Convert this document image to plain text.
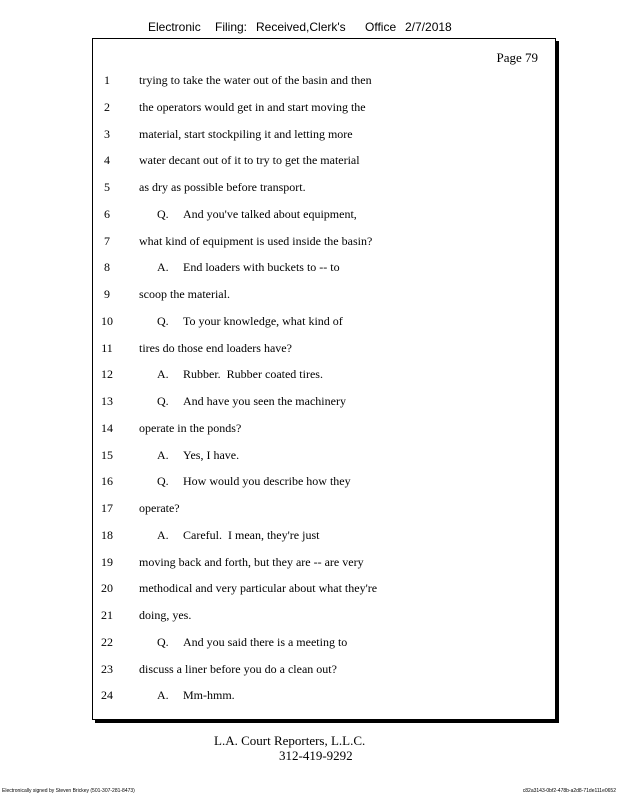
Electronic Filing: Received,Clerk's Office 2/7/2018
Page 79
1	trying to take the water out of the basin and then
2	the operators would get in and start moving the
3	material, start stockpiling it and letting more
4	water decant out of it to try to get the material
5	as dry as possible before transport.
6	Q. And you've talked about equipment,
7	what kind of equipment is used inside the basin?
8	A. End loaders with buckets to -- to
9	scoop the material.
10	Q. To your knowledge, what kind of
11	tires do those end loaders have?
12	A. Rubber.  Rubber coated tires.
13	Q. And have you seen the machinery
14	operate in the ponds?
15	A. Yes, I have.
16	Q. How would you describe how they
17	operate?
18	A. Careful.  I mean, they're just
19	moving back and forth, but they are -- are very
20	methodical and very particular about what they're
21	doing, yes.
22	Q. And you said there is a meeting to
23	discuss a liner before you do a clean out?
24	A. Mm-hmm.
L.A. Court Reporters, L.L.C.
312-419-9292
Electronically signed by Steven Brickey (501-307-281-8473)	c82a3143-0bf2-478b-a2d8-71de111e0652
